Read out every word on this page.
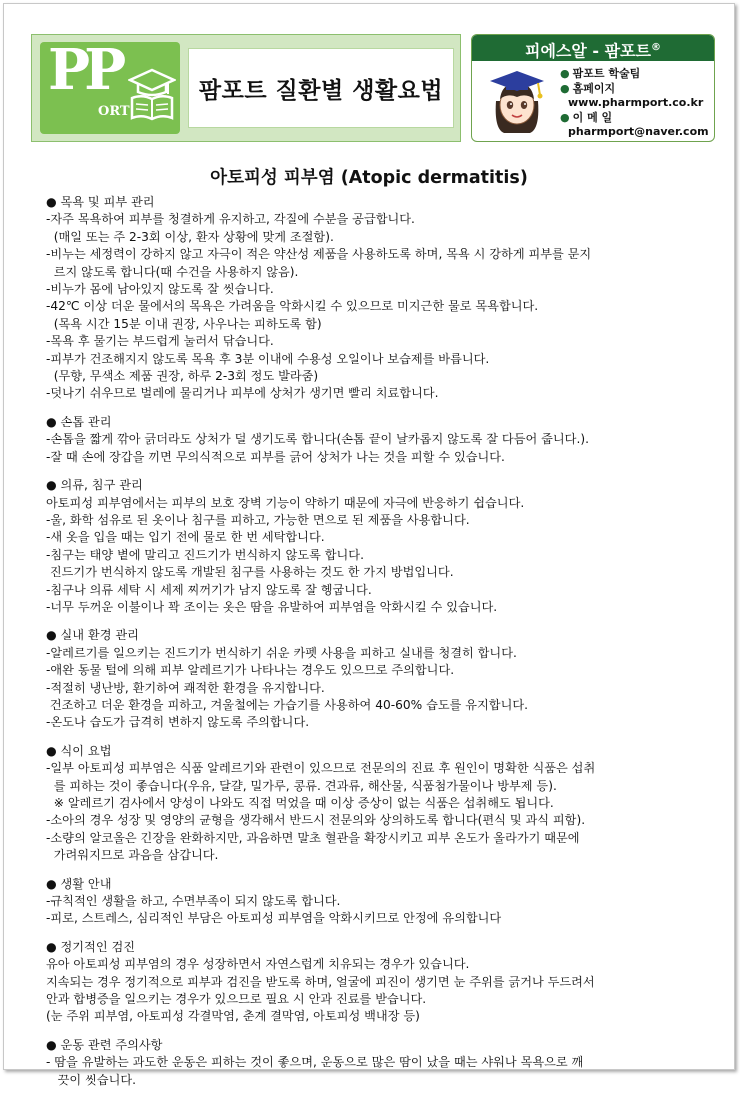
PP
ORT
팜포트 질환별 생활요법
피에스알 - 팜포트®
● 팜포트 학술팀
● 홈페이지
www.pharmport.co.kr
● 이 메 일
pharmport@naver.com
아토피성 피부염 (Atopic dermatitis)
● 목욕 및 피부 관리
-자주 목욕하여 피부를 청결하게 유지하고, 각질에 수분을 공급합니다.
(매일 또는 주 2-3회 이상, 환자 상황에 맞게 조절함).
-비누는 세정력이 강하지 않고 자극이 적은 약산성 제품을 사용하도록 하며, 목욕 시 강하게 피부를 문지
르지 않도록 합니다(때 수건을 사용하지 않음).
-비누가 몸에 남아있지 않도록 잘 씻습니다.
-42℃ 이상 더운 물에서의 목욕은 가려움을 악화시킬 수 있으므로 미지근한 물로 목욕합니다.
(목욕 시간 15분 이내 권장, 사우나는 피하도록 함)
-목욕 후 물기는 부드럽게 눌러서 닦습니다.
-피부가 건조해지지 않도록 목욕 후 3분 이내에 수용성 오일이나 보습제를 바릅니다.
(무향, 무색소 제품 권장, 하루 2-3회 정도 발라줌)
-덧나기 쉬우므로 벌레에 물리거나 피부에 상처가 생기면 빨리 치료합니다.
● 손톱 관리
-손톱을 짧게 깎아 긁더라도 상처가 덜 생기도록 합니다(손톱 끝이 날카롭지 않도록 잘 다듬어 줍니다.).
-잘 때 손에 장갑을 끼면 무의식적으로 피부를 긁어 상처가 나는 것을 피할 수 있습니다.
● 의류, 침구 관리
아토피성 피부염에서는 피부의 보호 장벽 기능이 약하기 때문에 자극에 반응하기 쉽습니다.
-울, 화학 섬유로 된 옷이나 침구를 피하고, 가능한 면으로 된 제품을 사용합니다.
-새 옷을 입을 때는 입기 전에 물로 한 번 세탁합니다.
-침구는 태양 볕에 말리고 진드기가 번식하지 않도록 합니다.
진드기가 번식하지 않도록 개발된 침구를 사용하는 것도 한 가지 방법입니다.
-침구나 의류 세탁 시 세제 찌꺼기가 남지 않도록 잘 헹굽니다.
-너무 두꺼운 이불이나 꽉 조이는 옷은 땀을 유발하여 피부염을 악화시킬 수 있습니다.
● 실내 환경 관리
-알레르기를 일으키는 진드기가 번식하기 쉬운 카펫 사용을 피하고 실내를 청결히 합니다.
-애완 동물 털에 의해 피부 알레르기가 나타나는 경우도 있으므로 주의합니다.
-적절히 냉난방, 환기하여 쾌적한 환경을 유지합니다.
건조하고 더운 환경을 피하고, 겨울철에는 가습기를 사용하여 40-60% 습도를 유지합니다.
-온도나 습도가 급격히 변하지 않도록 주의합니다.
● 식이 요법
-일부 아토피성 피부염은 식품 알레르기와 관련이 있으므로 전문의의 진료 후 원인이 명확한 식품은 섭취
를 피하는 것이 좋습니다(우유, 달걀, 밀가루, 콩류. 견과류, 해산물, 식품첨가물이나 방부제 등).
※ 알레르기 검사에서 양성이 나와도 직접 먹었을 때 이상 증상이 없는 식품은 섭취해도 됩니다.
-소아의 경우 성장 및 영양의 균형을 생각해서 반드시 전문의와 상의하도록 합니다(편식 및 과식 피함).
-소량의 알코올은 긴장을 완화하지만, 과음하면 말초 혈관을 확장시키고 피부 온도가 올라가기 때문에
가려워지므로 과음을 삼갑니다.
● 생활 안내
-규칙적인 생활을 하고, 수면부족이 되지 않도록 합니다.
-피로, 스트레스, 심리적인 부담은 아토피성 피부염을 악화시키므로 안정에 유의합니다
● 정기적인 검진
유아 아토피성 피부염의 경우 성장하면서 자연스럽게 치유되는 경우가 있습니다.
지속되는 경우 정기적으로 피부과 검진을 받도록 하며, 얼굴에 피진이 생기면 눈 주위를 긁거나 두드려서
안과 합병증을 일으키는 경우가 있으므로 필요 시 안과 진료를 받습니다.
(눈 주위 피부염, 아토피성 각결막염, 춘계 결막염, 아토피성 백내장 등)
● 운동 관련 주의사항
- 땀을 유발하는 과도한 운동은 피하는 것이 좋으며, 운동으로 많은 땀이 났을 때는 샤워나 목욕으로 깨
끗이 씻습니다.
